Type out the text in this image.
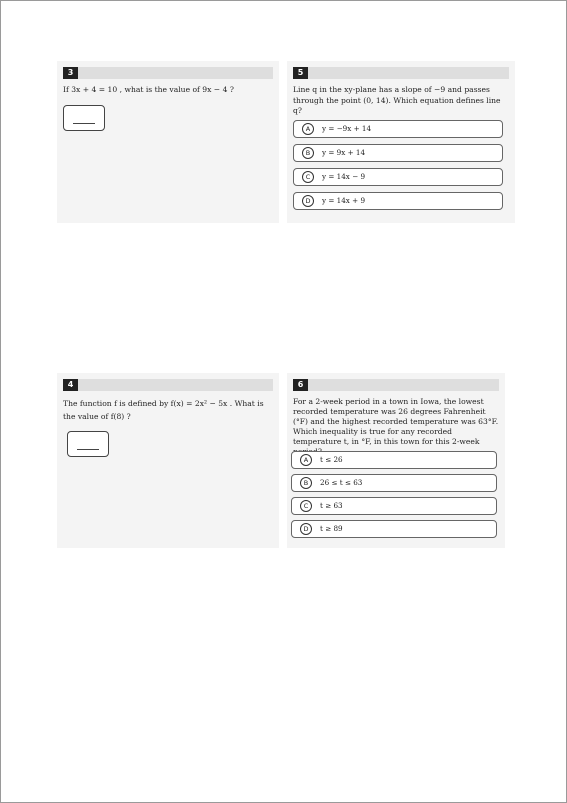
3
If 3x + 4 = 10 , what is the value of 9x − 4 ?
5
Line q in the xy-plane has a slope of −9 and passes through the point (0, 14). Which equation defines line q?
A	y = −9x + 14
B	y = 9x + 14
C	y = 14x − 9
D	y = 14x + 9
4
The function f is defined by f(x) = 2x² − 5x . What is the value of f(8) ?
6
For a 2-week period in a town in Iowa, the lowest recorded temperature was 26 degrees Fahrenheit (°F) and the highest recorded temperature was 63°F. Which inequality is true for any recorded temperature t, in °F, in this town for this 2-week
A	t ≤ 26
B	26 ≤ t ≤ 63
C	t ≥ 63
D	t ≥ 89
